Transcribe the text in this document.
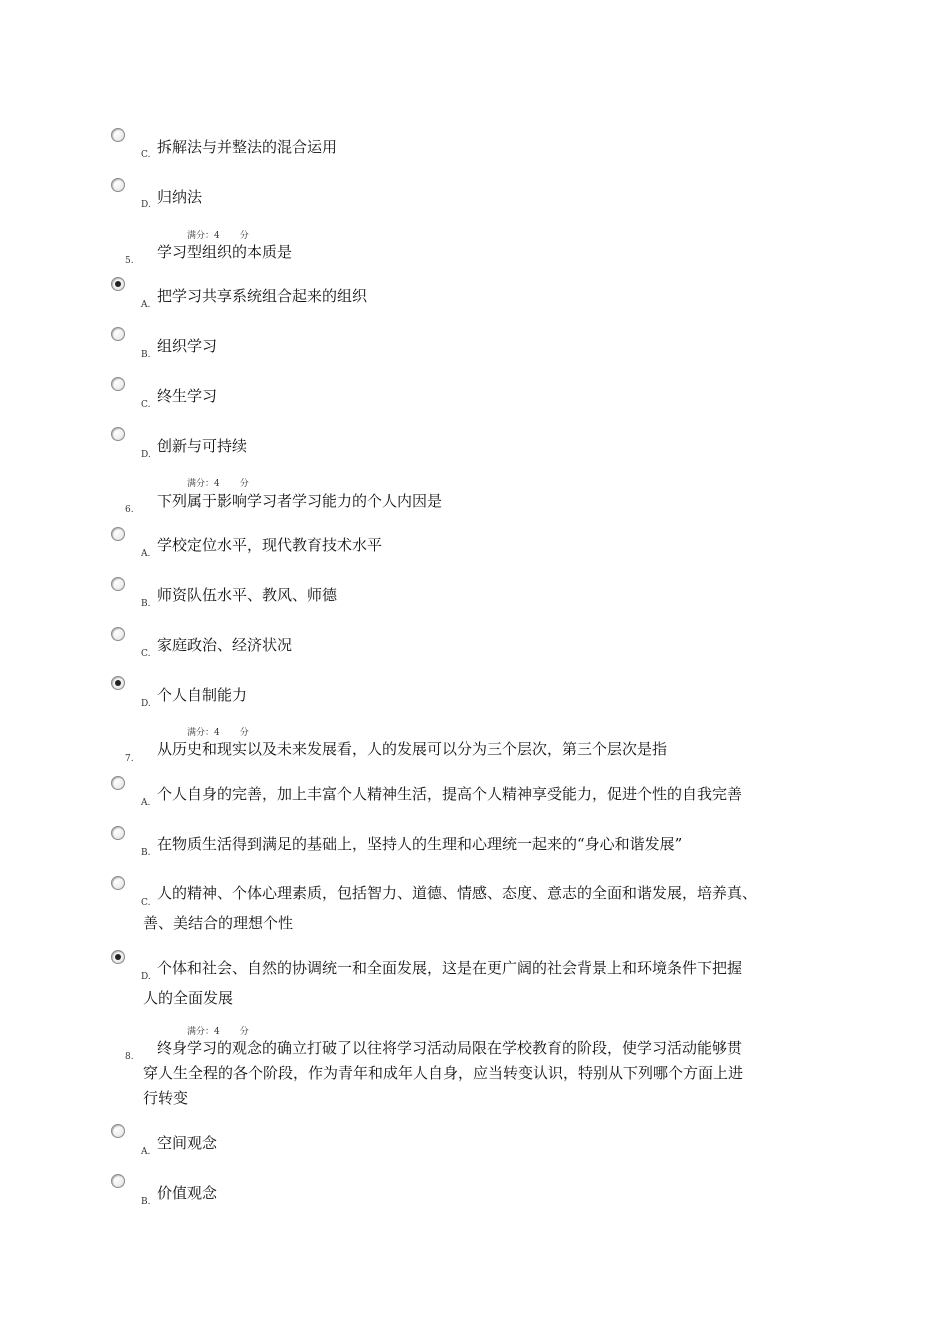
C. 拆解法与并整法的混合运用
D. 归纳法
满分：4 分
5. 学习型组织的本质是
A. 把学习共享系统组合起来的组织
B. 组织学习
C. 终生学习
D. 创新与可持续
满分：4 分
6. 下列属于影响学习者学习能力的个人内因是
A. 学校定位水平，现代教育技术水平
B. 师资队伍水平、教风、师德
C. 家庭政治、经济状况
D. 个人自制能力
满分：4 分
7.
从历史和现实以及未来发展看，人的发展可以分为三个层次，第三个层次是指
A. 个人自身的完善，加上丰富个人精神生活，提高个人精神享受能力，促进个性的自我完善
B. 在物质生活得到满足的基础上，坚持人的生理和心理统一起来的“身心和谐发展”
C.
人的精神、个体心理素质，包括智力、道德、情感、态度、意志的全面和谐发展，培养真、
善、美结合的理想个性
D. 个体和社会、自然的协调统一和全面发展，这是在更广阔的社会背景上和环境条件下把握
人的全面发展
满分：4 分
8. 终身学习的观念的确立打破了以往将学习活动局限在学校教育的阶段，使学习活动能够贯
穿人生全程的各个阶段，作为青年和成年人自身，应当转变认识，特别从下列哪个方面上进
行转变
A. 空间观念
B. 价值观念
